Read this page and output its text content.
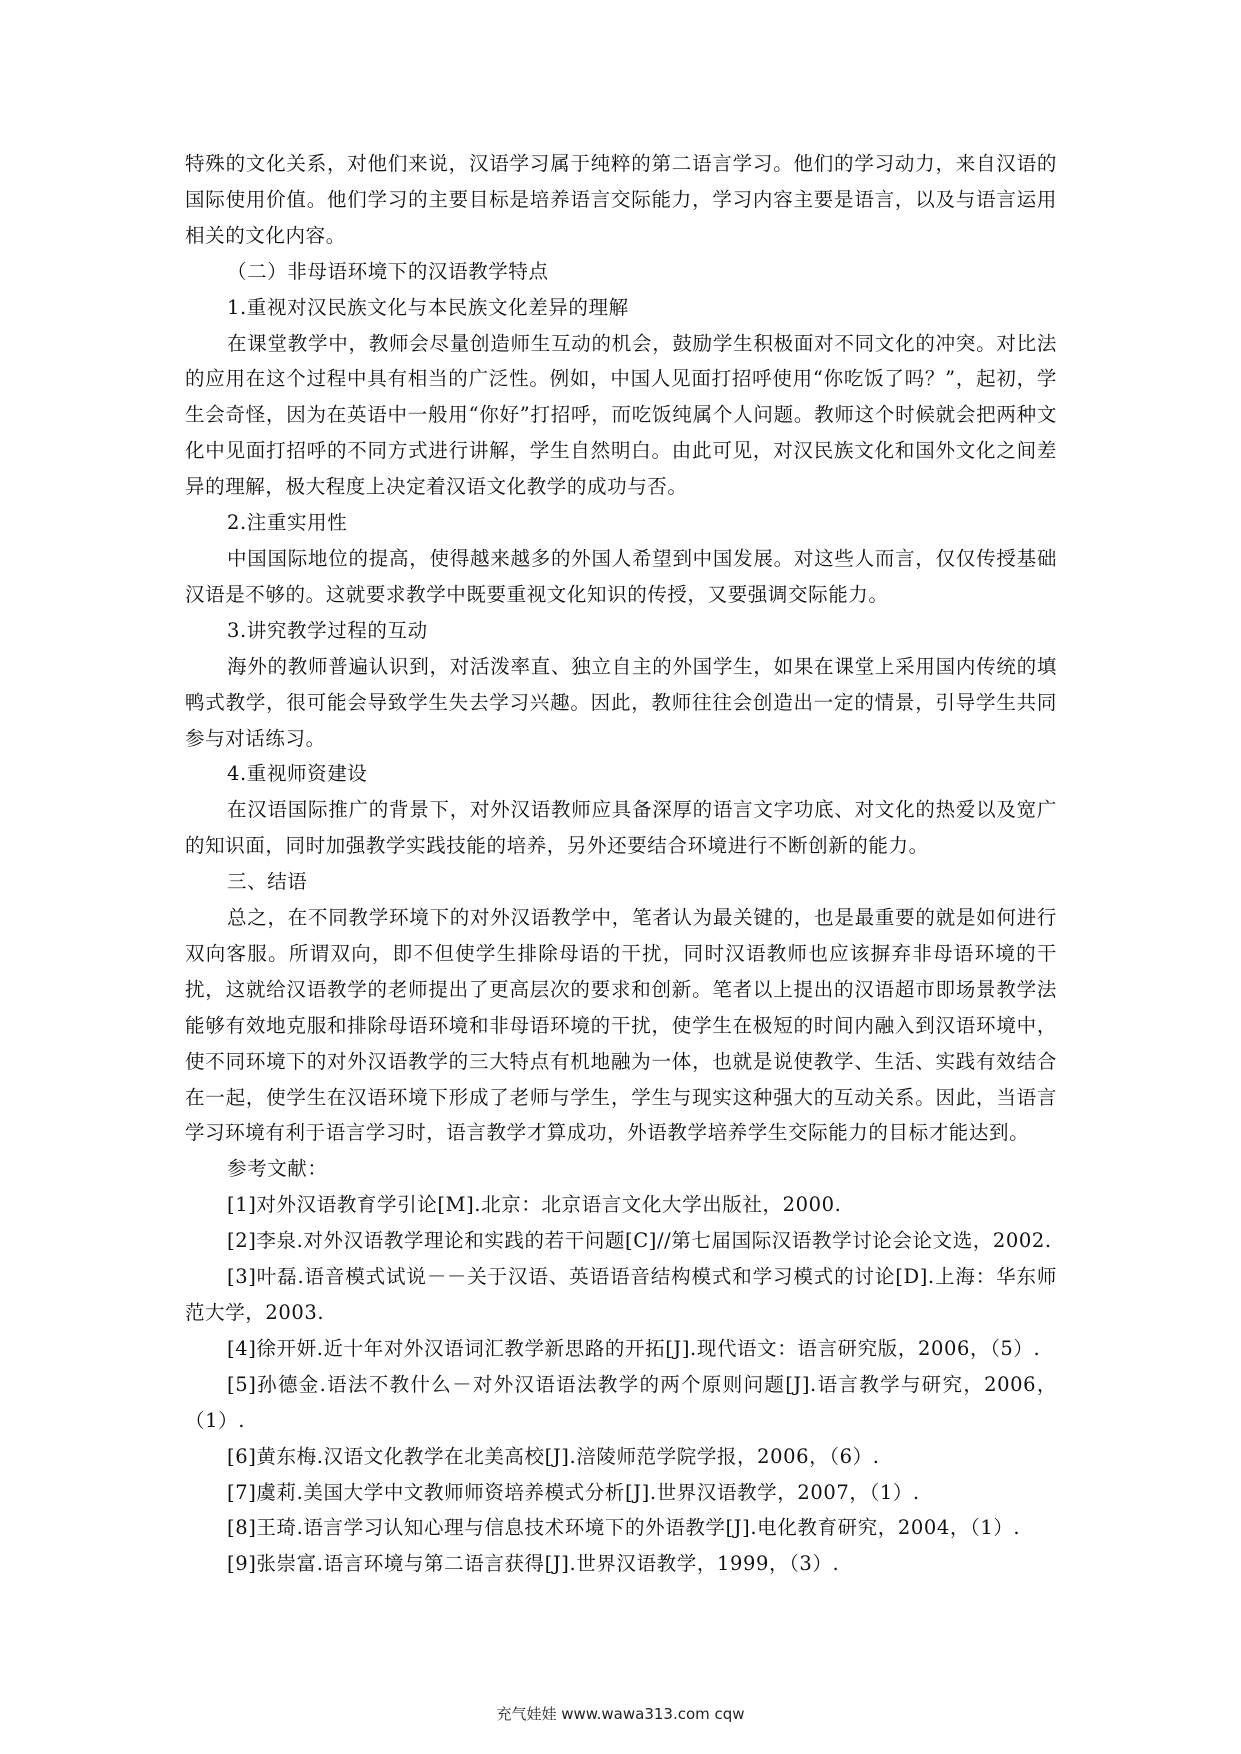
特殊的文化关系，对他们来说，汉语学习属于纯粹的第二语言学习。他们的学习动力，来自汉语的国际使用价值。他们学习的主要目标是培养语言交际能力，学习内容主要是语言，以及与语言运用相关的文化内容。

（二）非母语环境下的汉语教学特点

1.重视对汉民族文化与本民族文化差异的理解

在课堂教学中，教师会尽量创造师生互动的机会，鼓励学生积极面对不同文化的冲突。对比法的应用在这个过程中具有相当的广泛性。例如，中国人见面打招呼使用“你吃饭了吗？”，起初，学生会奇怪，因为在英语中一般用“你好”打招呼，而吃饭纯属个人问题。教师这个时候就会把两种文化中见面打招呼的不同方式进行讲解，学生自然明白。由此可见，对汉民族文化和国外文化之间差异的理解，极大程度上决定着汉语文化教学的成功与否。

2.注重实用性

中国国际地位的提高，使得越来越多的外国人希望到中国发展。对这些人而言，仅仅传授基础汉语是不够的。这就要求教学中既要重视文化知识的传授，又要强调交际能力。

3.讲究教学过程的互动

海外的教师普遍认识到，对活泼率直、独立自主的外国学生，如果在课堂上采用国内传统的填鸭式教学，很可能会导致学生失去学习兴趣。因此，教师往往会创造出一定的情景，引导学生共同参与对话练习。

4.重视师资建设

在汉语国际推广的背景下，对外汉语教师应具备深厚的语言文字功底、对文化的热爱以及宽广的知识面，同时加强教学实践技能的培养，另外还要结合环境进行不断创新的能力。

三、结语

总之，在不同教学环境下的对外汉语教学中，笔者认为最关键的，也是最重要的就是如何进行双向客服。所谓双向，即不但使学生排除母语的干扰，同时汉语教师也应该摒弃非母语环境的干扰，这就给汉语教学的老师提出了更高层次的要求和创新。笔者以上提出的汉语超市即场景教学法能够有效地克服和排除母语环境和非母语环境的干扰，使学生在极短的时间内融入到汉语环境中，使不同环境下的对外汉语教学的三大特点有机地融为一体，也就是说使教学、生活、实践有效结合在一起，使学生在汉语环境下形成了老师与学生，学生与现实这种强大的互动关系。因此，当语言学习环境有利于语言学习时，语言教学才算成功，外语教学培养学生交际能力的目标才能达到。

参考文献：

[1]对外汉语教育学引论[M].北京：北京语言文化大学出版社，2000.

[2]李泉.对外汉语教学理论和实践的若干问题[C]//第七届国际汉语教学讨论会论文选，2002.

[3]叶磊.语音模式试说－－关于汉语、英语语音结构模式和学习模式的讨论[D].上海：华东师范大学，2003.

[4]徐开妍.近十年对外汉语词汇教学新思路的开拓[J].现代语文：语言研究版，2006，（5）.

[5]孙德金.语法不教什么－对外汉语语法教学的两个原则问题[J].语言教学与研究，2006，（1）.

[6]黄东梅.汉语文化教学在北美高校[J].涪陵师范学院学报，2006，（6）.

[7]虞莉.美国大学中文教师师资培养模式分析[J].世界汉语教学，2007，（1）.

[8]王琦.语言学习认知心理与信息技术环境下的外语教学[J].电化教育研究，2004，（1）.

[9]张崇富.语言环境与第二语言获得[J].世界汉语教学，1999，（3）.

充气娃娃 www.wawa313.com cqw
